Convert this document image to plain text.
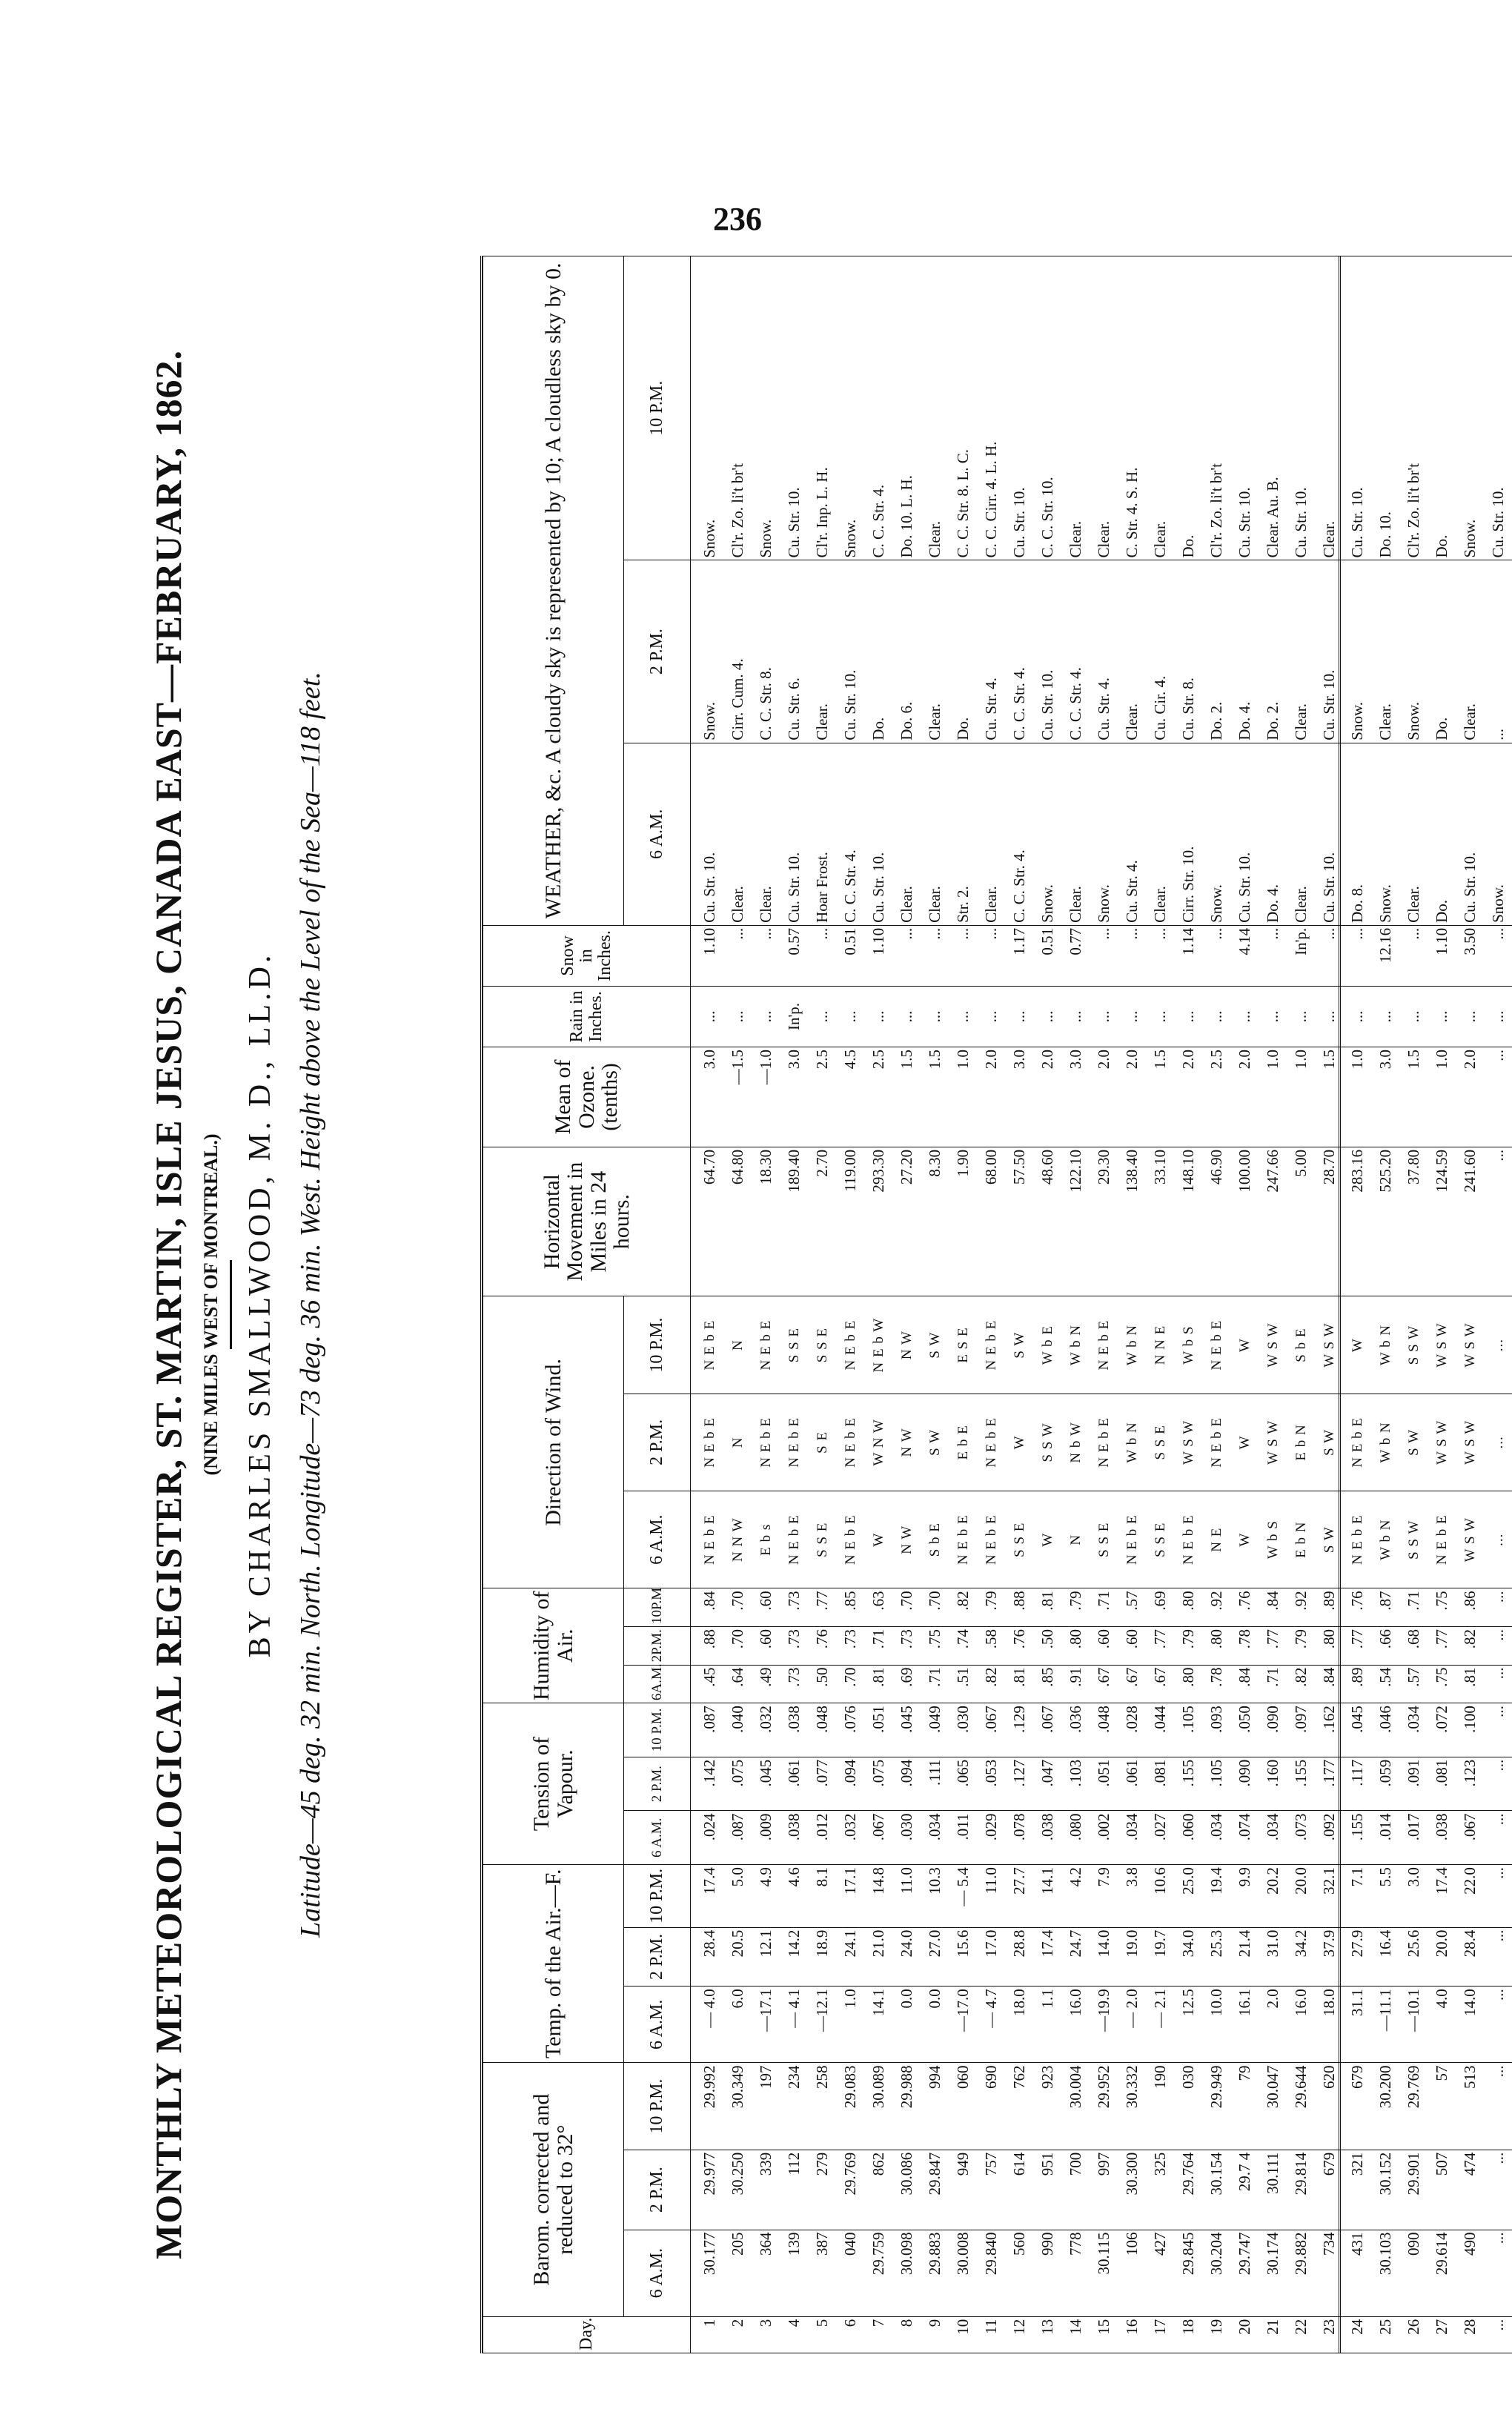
236
MONTHLY METEOROLOGICAL REGISTER, ST. MARTIN, ISLE JESUS, CANADA EAST—FEBRUARY, 1862. (NINE MILES WEST OF MONTREAL.) BY CHARLES SMALLWOOD, M. D., LL.D. Latitude—45 deg. 32 min. North. Longitude—73 deg. 36 min. West. Height above the Level of the Sea—118 feet.
Day.	Barom. corrected and reduced to 32°			Temp. of the Air.—F.			Tension of Vapour.			Humidity of Air.			Direction of Wind.			Horizontal Movement in Miles in 24 hours.	Mean of Ozone. (tenths)	Rain in Inches.	Snow in Inches.	WEATHER, &c. A cloudy sky is represented by 10; A cloudless sky by 0.		
	6 A.M.	2 P.M.	10 P.M.	6 A.M.	2 P.M.	10 P.M.	6 A.M.	2 P.M.	10 P.M.	6A.M.	2P.M.	10P.M	6 A.M.	2 P.M.	10 P.M.					6 A.M.	2 P.M.	10 P.M.
1	30.177	29.977	29.992	— 4.0	28.4	17.4	.024	.142	.087	.45	.88	.84	N E b E	N E b E	N E b E	64.70	3.0	...	1.10	Cu. Str. 10.	Snow.	Snow.
2	205	30.250	30.349	6.0	20.5	5.0	.087	.075	.040	.64	.70	.70	N N W	N	N	64.80	—1.5	...	...	Clear.	Cirr. Cum. 4.	Cl'r. Zo. li't br't
3	364	339	197	—17.1	12.1	4.9	.009	.045	.032	.49	.60	.60	E b s	N E b E	N E b E	18.30	—1.0	...	...	Clear.	C. C. Str. 8.	Snow.
4	139	112	234	— 4.1	14.2	4.6	.038	.061	.038	.73	.73	.73	N E b E	N E b E	S S E	189.40	3.0	In'p.	0.57	Cu. Str. 10.	Cu. Str. 6.	Cu. Str. 10.
5	387	279	258	—12.1	18.9	8.1	.012	.077	.048	.50	.76	.77	S S E	S E	S S E	2.70	2.5	...	...	Hoar Frost.	Clear.	Cl'r. Inp. L. H.
6	040	29.769	29.083	1.0	24.1	17.1	.032	.094	.076	.70	.73	.85	N E b E	N E b E	N E b E	119.00	4.5	...	0.51	C. C. Str. 4.	Cu. Str. 10.	Snow.
7	29.759	862	30.089	14.1	21.0	14.8	.067	.075	.051	.81	.71	.63	W	W N W	N E b W	293.30	2.5	...	1.10	Cu. Str. 10.	Do.	C. C. Str. 4.
8	30.098	30.086	29.988	0.0	24.0	11.0	.030	.094	.045	.69	.73	.70	N W	N W	N W	27.20	1.5	...	...	Clear.	Do. 6.	Do. 10. L. H.
9	29.883	29.847	994	0.0	27.0	10.3	.034	.111	.049	.71	.75	.70	S b E	S W	S W	8.30	1.5	...	...	Clear.	Clear.	Clear.
10	30.008	949	060	—17.0	15.6	— 5.4	.011	.065	.030	.51	.74	.82	N E b E	E b E	E S E	1.90	1.0	...	...	Str. 2.	Do.	C. C. Str. 8. L. C.
11	29.840	757	690	— 4.7	17.0	11.0	.029	.053	.067	.82	.58	.79	N E b E	N E b E	N E b E	68.00	2.0	...	...	Clear.	Cu. Str. 4.	C. C. Cirr. 4. L. H.
12	560	614	762	18.0	28.8	27.7	.078	.127	.129	.81	.76	.88	S S E	W	S W	57.50	3.0	...	1.17	C. C. Str. 4.	C. C. Str. 4.	Cu. Str. 10.
13	990	951	923	1.1	17.4	14.1	.038	.047	.067	.85	.50	.81	W	S S W	W b E	48.60	2.0	...	0.51	Snow.	Cu. Str. 10.	C. C. Str. 10.
14	778	700	30.004	16.0	24.7	4.2	.080	.103	.036	.91	.80	.79	N	N b W	W b N	122.10	3.0	...	0.77	Clear.	C. C. Str. 4.	Clear.
15	30.115	997	29.952	—19.9	14.0	7.9	.002	.051	.048	.67	.60	.71	S S E	N E b E	N E b E	29.30	2.0	...	...	Snow.	Cu. Str. 4.	Clear.
16	106	30.300	30.332	— 2.0	19.0	3.8	.034	.061	.028	.67	.60	.57	N E b E	W b N	W b N	138.40	2.0	...	...	Cu. Str. 4.	Clear.	C. Str. 4. S. H.
17	427	325	190	— 2.1	19.7	10.6	.027	.081	.044	.67	.77	.69	S S E	S S E	N N E	33.10	1.5	...	...	Clear.	Cu. Cir. 4.	Clear.
18	29.845	29.764	030	12.5	34.0	25.0	.060	.155	.105	.80	.79	.80	N E b E	W S W	W b S	148.10	2.0	...	1.14	Cirr. Str. 10.	Cu. Str. 8.	Do.
19	30.204	30.154	29.949	10.0	25.3	19.4	.034	.105	.093	.78	.80	.92	N E	N E b E	N E b E	46.90	2.5	...	...	Snow.	Do. 2.	Cl'r. Zo. li't br't
20	29.747	29.7 4	79	16.1	21.4	9.9	.074	.090	.050	.84	.78	.76	W	W	W	100.00	2.0	...	4.14	Cu. Str. 10.	Do. 4.	Cu. Str. 10.
21	30.174	30.111	30.047	2.0	31.0	20.2	.034	.160	.090	.71	.77	.84	W b S	W S W	W S W	247.66	1.0	...	...	Do. 4.	Do. 2.	Clear. Au. B.
22	29.882	29.814	29.644	16.0	34.2	20.0	.073	.155	.097	.82	.79	.92	E b N	E b N	S b E	5.00	1.0	...	In'p.	Clear.	Clear.	Cu. Str. 10.
23	734	679	620	18.0	37.9	32.1	.092	.177	.162	.84	.80	.89	S W	S W	W S W	28.70	1.5	...	...	Cu. Str. 10.	Cu. Str. 10.	Clear.
24	431	321	679	31.1	27.9	7.1	.155	.117	.045	.89	.77	.76	N E b E	N E b E	W	283.16	1.0	...	...	Do. 8.	Snow.	Cu. Str. 10.
25	30.103	30.152	30.200	—11.1	16.4	5.5	.014	.059	.046	.54	.66	.87	W b N	W b N	W b N	525.20	3.0	...	12.16	Snow.	Clear.	Do. 10.
26	090	29.901	29.769	—10.1	25.6	3.0	.017	.091	.034	.57	.68	.71	S S W	S W	S S W	37.80	1.5	...	...	Clear.	Snow.	Cl'r. Zo. li't br't
27	29.614	507	57	4.0	20.0	17.4	.038	.081	.072	.75	.77	.75	N E b E	W S W	W S W	124.59	1.0	...	1.10	Do.	Do.	Do.
28	490	474	513	14.0	28.4	22.0	.067	.123	.100	.81	.82	.86	W S W	W S W	W S W	241.60	2.0	...	3.50	Cu. Str. 10.	Clear.	Snow.
...	...	...	...	...	...	...	...	...	...	...	...	...	...	...	...	...	...	...	...	Snow.	...	Cu. Str. 10.
